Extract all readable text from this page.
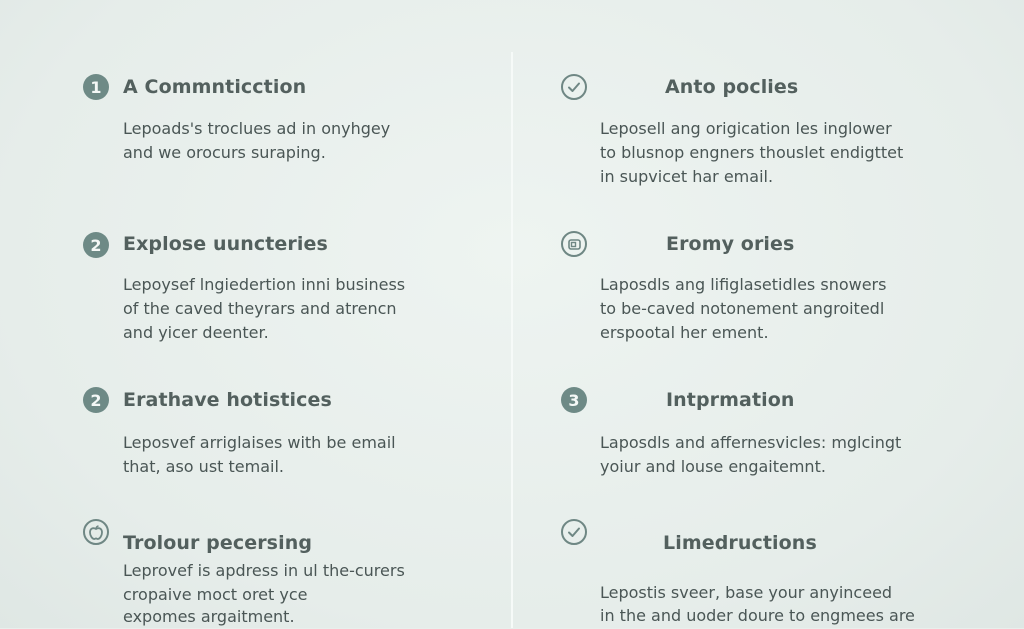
1 A Commnticction
Lepoads's troclues ad in onyhgey
and we orocurs suraping.
2 Explose uuncteries
Lepoysef lngiedertion inni business
of the caved theyrars and atrencn
and yicer deenter.
2 Erathave hotistices
Leposvef arriglaises with be email
that, aso ust temail.
Trolour pecersing
Leprovef is apdress in ul the-curers
cropaive moct oret yce
expomes argaitment.
Anto poclies
Leposell ang origication les inglower
to blusnop engners thouslet endigttet
in supvicet har email.
Eromy ories
Laposdls ang lifiglasetidles snowers
to be-caved notonement angroitedl
erspootal her ement.
3	Intprmation
Laposdls and affernesvicles: mglcingt
yoiur and louse engaitemnt.
Limedructions
Lepostis sveer, base your anyinceed
in the and uoder doure to engmees are
